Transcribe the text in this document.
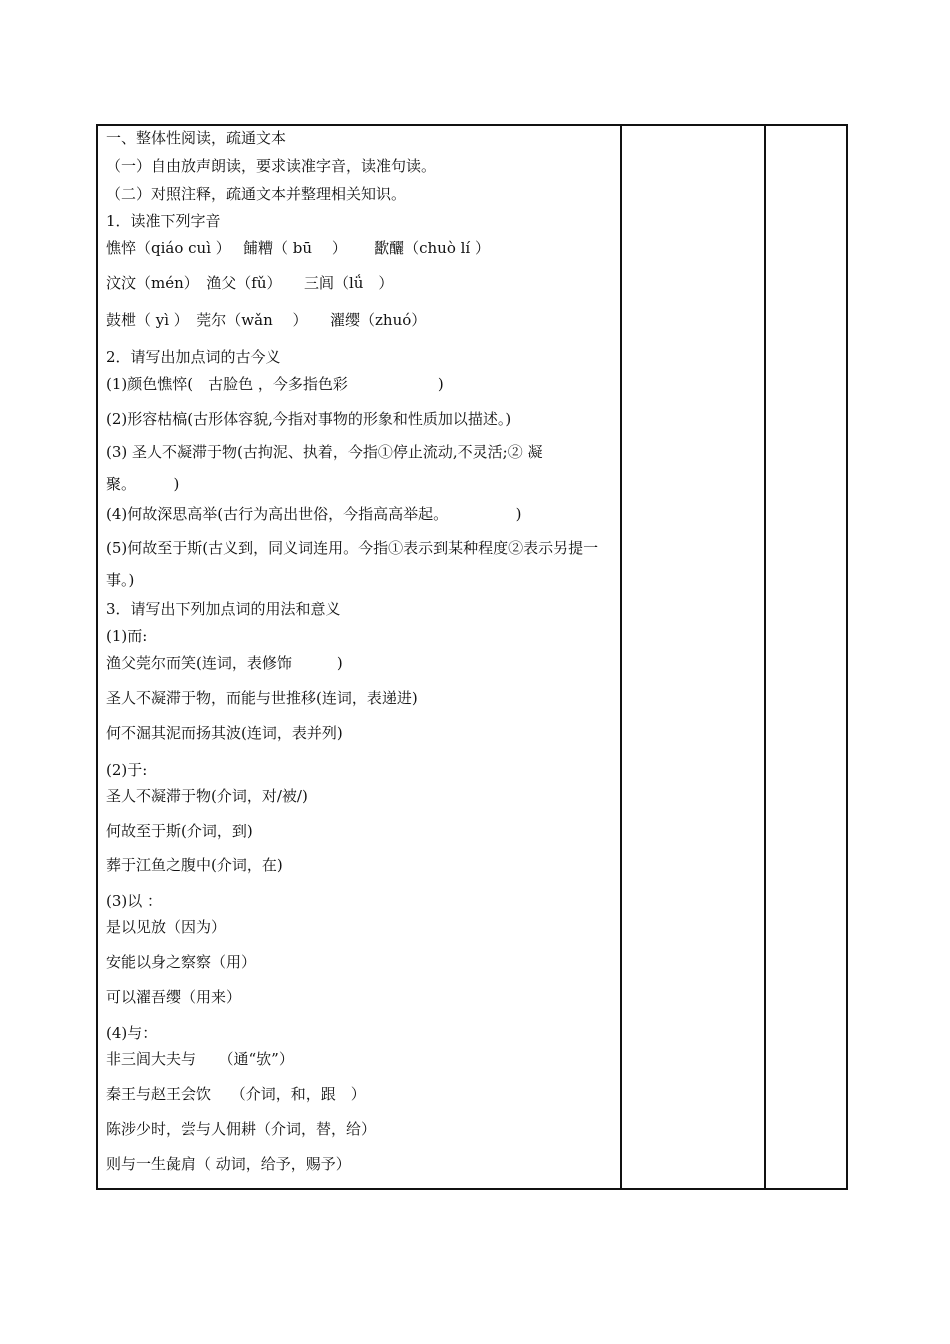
一、整体性阅读，疏通文本
（一）自由放声朗读，要求读准字音，读准句读。
（二）对照注释，疏通文本并整理相关知识。
1．读准下列字音
憔悴（qiáo cuì ）　 餔糟（ bū　 ）　　 歠釃（chuò lí ）
汶汶（mén）　渔父（fǔ）　　三闾（lǘ　）
鼓枻（ yì ）　莞尔（wǎn　 ）　　濯缨（zhuó）
2．请写出加点词的古今义
(1)颜色憔悴(　古脸色 ，今多指色彩　　　　　　)
(2)形容枯槁(古形体容貌,今指对事物的形象和性质加以描述。)
(3) 圣人不凝滞于物(古拘泥、执着，今指①停止流动,不灵活;② 凝聚。　　　)
(4)何故深思高举(古行为高出世俗，今指高高举起。　　　　　)
(5)何故至于斯(古义到，同义词连用。今指①表示到某种程度②表示另提一事。)
3．请写出下列加点词的用法和意义
(1)而:
渔父莞尔而笑(连词，表修饰　　　)
圣人不凝滞于物，而能与世推移(连词，表递进)
何不淈其泥而扬其波(连词，表并列)
(2)于:
圣人不凝滞于物(介词，对/被/)
何故至于斯(介词，到)
葬于江鱼之腹中(介词，在)
(3)以 ：
是以见放（因为）
安能以身之察察（用）
可以濯吾缨（用来）
(4)与：
非三闾大夫与　　（通“欤”）
秦王与赵王会饮　 （介词，和，跟　）
陈涉少时，尝与人佣耕（介词，替，给）
则与一生彘肩（ 动词，给予，赐予）
